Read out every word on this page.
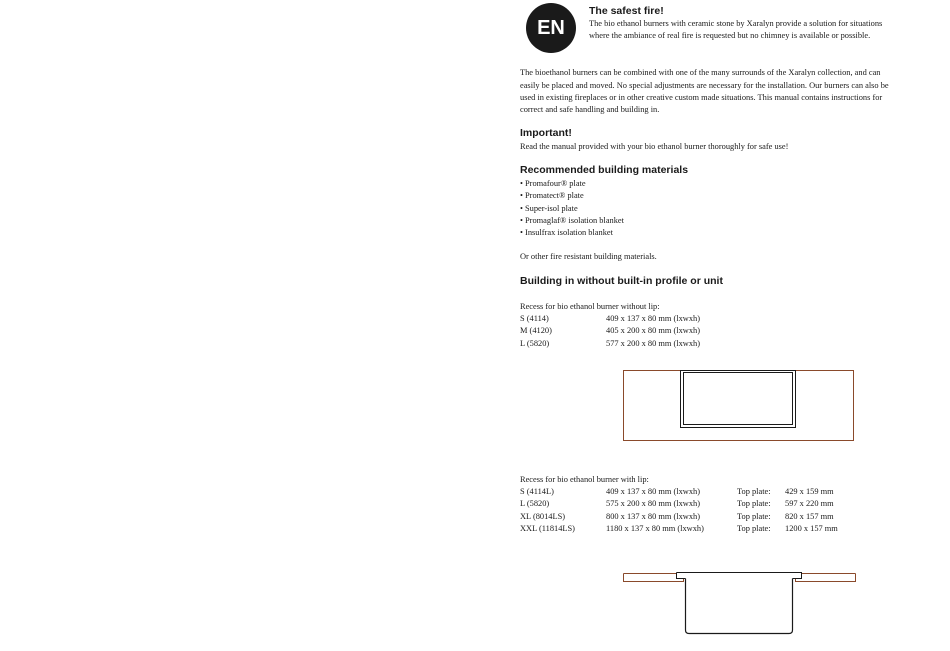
EN
The safest fire!
The bio ethanol burners with ceramic stone by Xaralyn provide a solution for situations
where the ambiance of real fire is requested but no chimney is available or possible.
The bioethanol burners can be combined with one of the many surrounds of the Xaralyn collection, and can
easily be placed and moved. No special adjustments are necessary for the installation. Our burners can also be
used in existing fireplaces or in other creative custom made situations. This manual contains instructions for
correct and safe handling and building in.
Important!
Read the manual provided with your bio ethanol burner thoroughly for safe use!
Recommended building materials
• Promafour® plate
• Promatect® plate
• Super-isol plate
• Promaglaf® isolation blanket
• Insulfrax isolation blanket
Or other fire resistant building materials.
Building in without built-in profile or unit
Recess for bio ethanol burner without lip:
S (4114)	409 x 137 x 80 mm (lxwxh)
M (4120)	405 x 200 x 80 mm (lxwxh)
L (5820)	577 x 200 x 80 mm (lxwxh)
Recess for bio ethanol burner with lip:
S (4114L)	409 x 137 x 80 mm (lxwxh)	Top plate: 429 x 159 mm
L (5820)	575 x 200 x 80 mm (lxwxh)	Top plate: 597 x 220 mm
XL (8014LS)	800 x 137 x 80 mm (lxwxh)	Top plate: 820 x 157 mm
XXL (11814LS)	1180 x 137 x 80 mm (lxwxh)	Top plate: 1200 x 157 mm
